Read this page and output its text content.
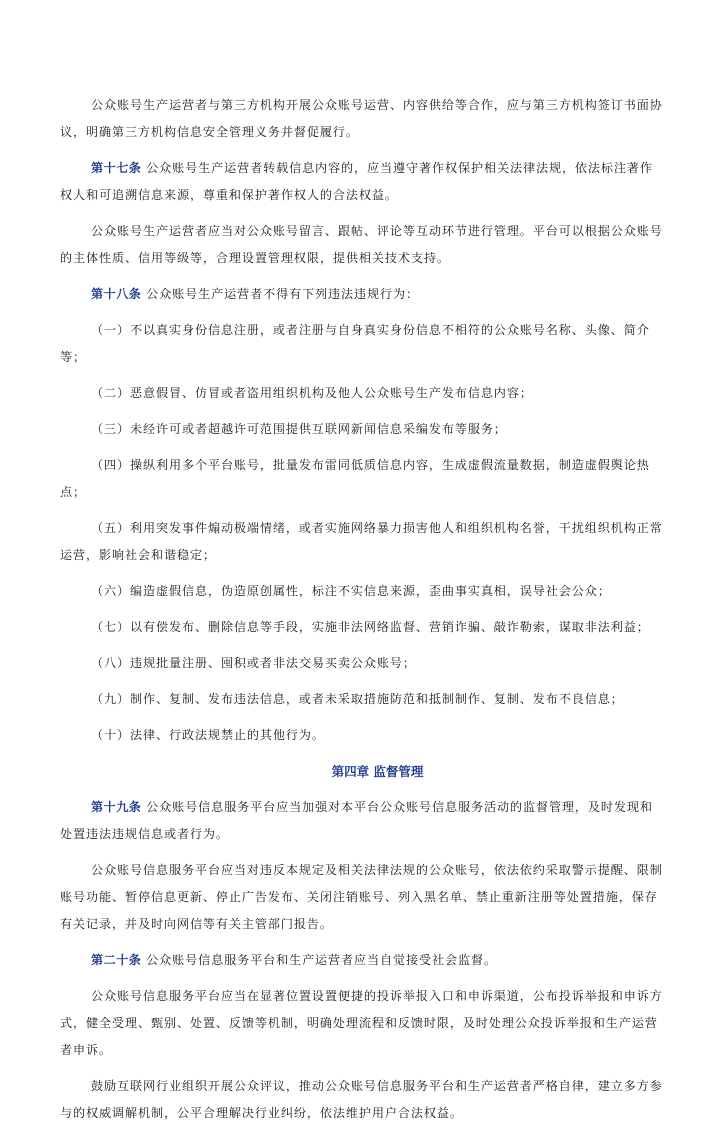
公众账号生产运营者与第三方机构开展公众账号运营、内容供给等合作，应与第三方机构签订书面协议，明确第三方机构信息安全管理义务并督促履行。

第十七条 公众账号生产运营者转载信息内容的，应当遵守著作权保护相关法律法规，依法标注著作权人和可追溯信息来源，尊重和保护著作权人的合法权益。

公众账号生产运营者应当对公众账号留言、跟帖、评论等互动环节进行管理。平台可以根据公众账号的主体性质、信用等级等，合理设置管理权限，提供相关技术支持。

第十八条 公众账号生产运营者不得有下列违法违规行为：

（一）不以真实身份信息注册，或者注册与自身真实身份信息不相符的公众账号名称、头像、简介等；

（二）恶意假冒、仿冒或者盗用组织机构及他人公众账号生产发布信息内容；

（三）未经许可或者超越许可范围提供互联网新闻信息采编发布等服务；

（四）操纵利用多个平台账号，批量发布雷同低质信息内容，生成虚假流量数据，制造虚假舆论热点；

（五）利用突发事件煽动极端情绪，或者实施网络暴力损害他人和组织机构名誉，干扰组织机构正常运营，影响社会和谐稳定；

（六）编造虚假信息，伪造原创属性，标注不实信息来源，歪曲事实真相，误导社会公众；

（七）以有偿发布、删除信息等手段，实施非法网络监督、营销诈骗、敲诈勒索，谋取非法利益；

（八）违规批量注册、囤积或者非法交易买卖公众账号；

（九）制作、复制、发布违法信息，或者未采取措施防范和抵制制作、复制、发布不良信息；

（十）法律、行政法规禁止的其他行为。

第四章 监督管理

第十九条 公众账号信息服务平台应当加强对本平台公众账号信息服务活动的监督管理，及时发现和处置违法违规信息或者行为。

公众账号信息服务平台应当对违反本规定及相关法律法规的公众账号，依法依约采取警示提醒、限制账号功能、暂停信息更新、停止广告发布、关闭注销账号、列入黑名单、禁止重新注册等处置措施，保存有关记录，并及时向网信等有关主管部门报告。

第二十条 公众账号信息服务平台和生产运营者应当自觉接受社会监督。

公众账号信息服务平台应当在显著位置设置便捷的投诉举报入口和申诉渠道，公布投诉举报和申诉方式，健全受理、甄别、处置、反馈等机制，明确处理流程和反馈时限，及时处理公众投诉举报和生产运营者申诉。

鼓励互联网行业组织开展公众评议，推动公众账号信息服务平台和生产运营者严格自律，建立多方参与的权威调解机制，公平合理解决行业纠纷，依法维护用户合法权益。
